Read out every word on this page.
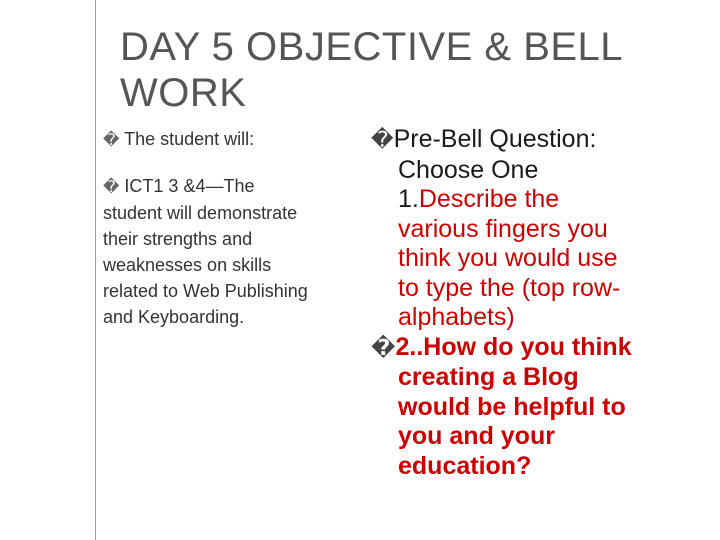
DAY 5 OBJECTIVE & BELL
WORK
� The student will:
� ICT1 3 &4—The
student will demonstrate
their strengths and
weaknesses on skills
related to Web Publishing
and Keyboarding.
�Pre-Bell Question:
Choose One
1.Describe the
various fingers you
think you would use
to type the (top row-
alphabets)
�2..How do you think
creating a Blog
would be helpful to
you and your
education?
